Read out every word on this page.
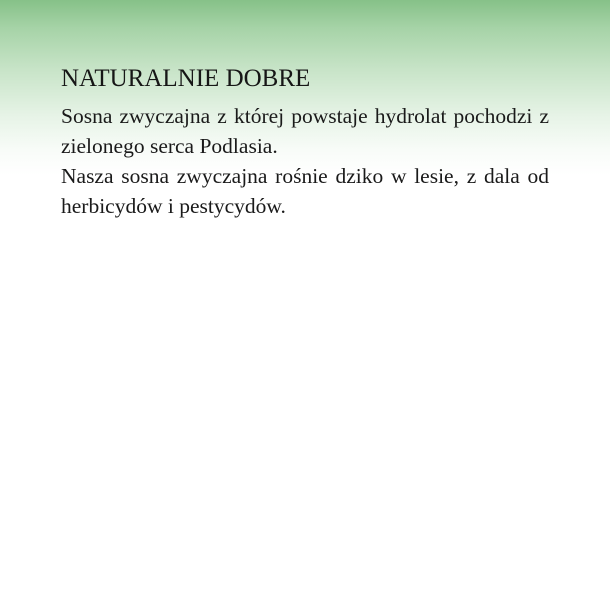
NATURALNIE DOBRE

Sosna zwyczajna z której powstaje hydrolat pochodzi z zielonego serca Podlasia.

Nasza sosna zwyczajna rośnie dziko w lesie, z dala od herbicydów i pestycydów.
